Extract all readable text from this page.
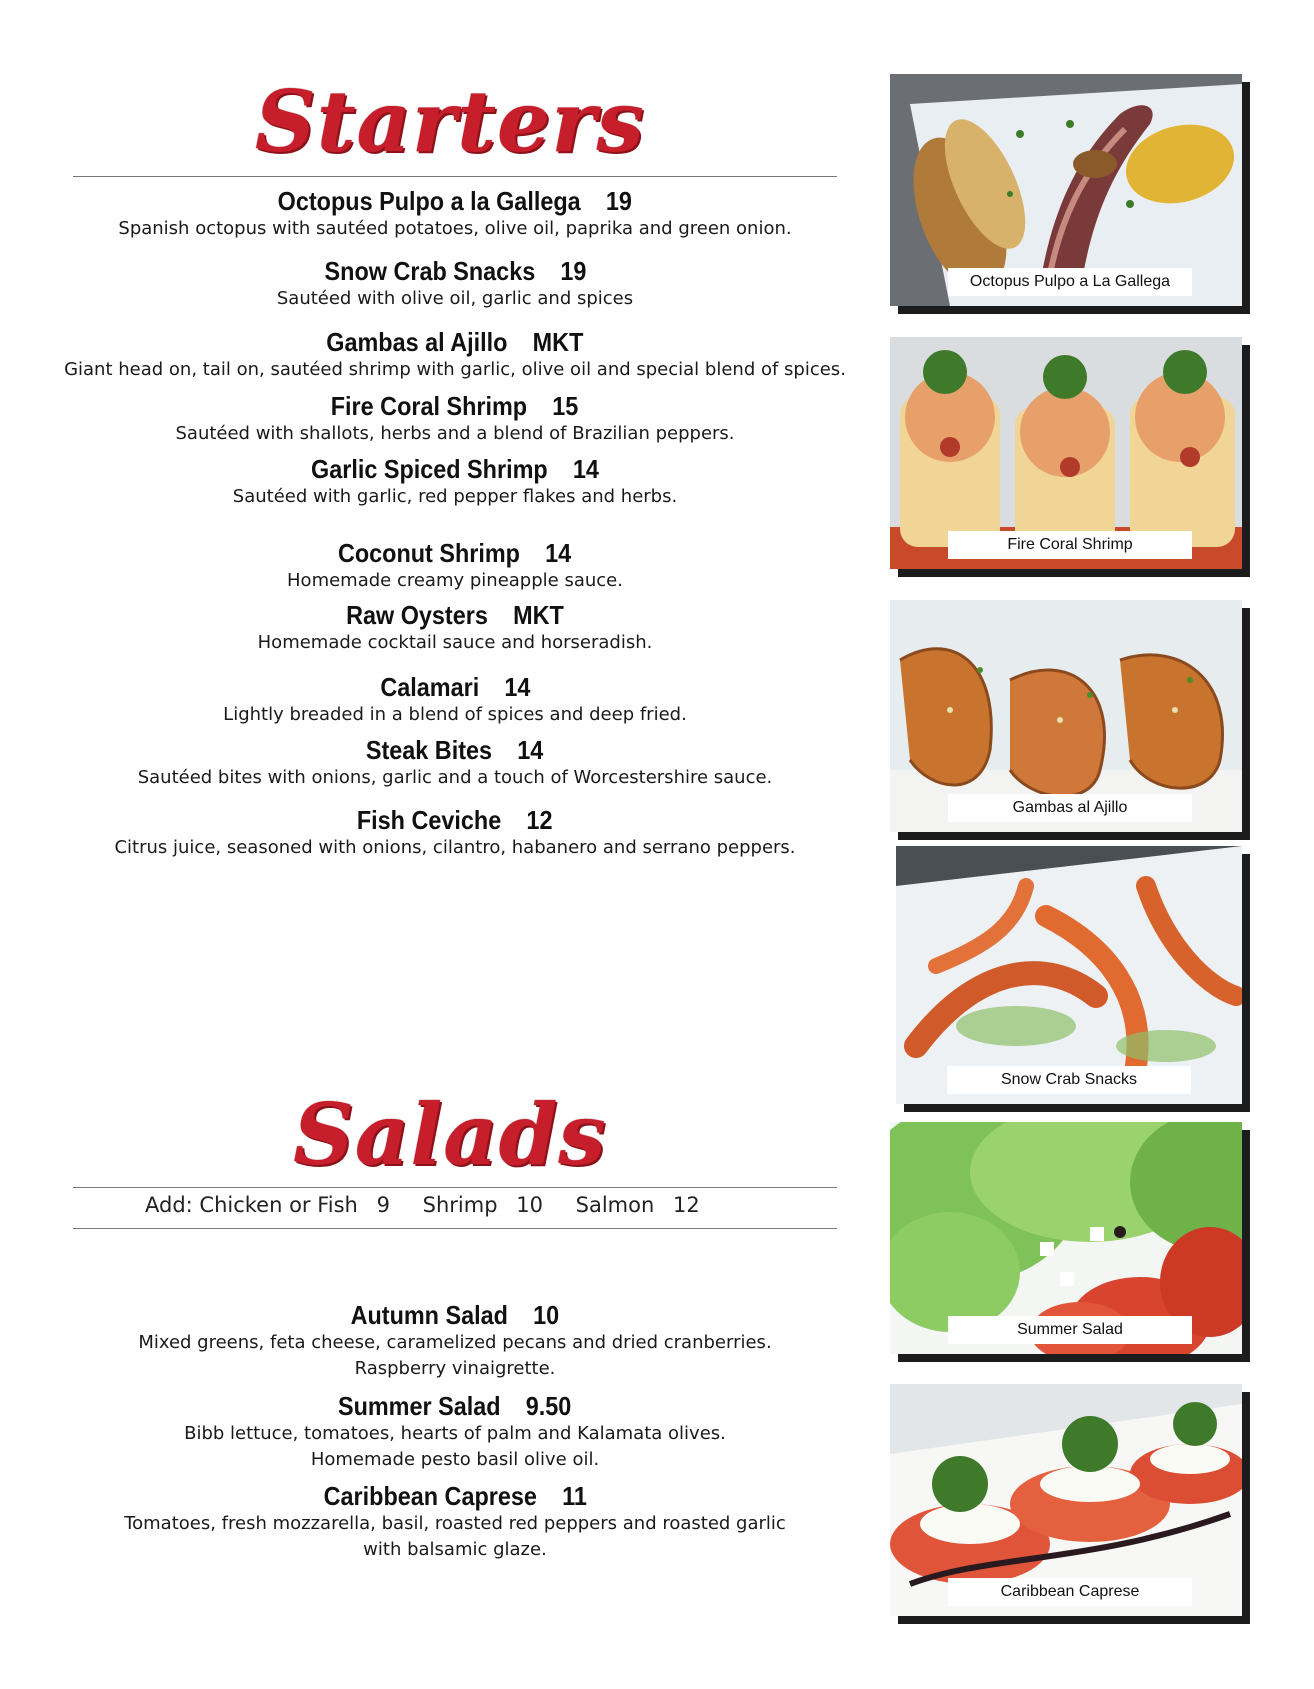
Starters
Octopus Pulpo a la Gallega 19
Spanish octopus with sautéed potatoes, olive oil, paprika and green onion.
Snow Crab Snacks 19
Sautéed with olive oil, garlic and spices
Gambas al Ajillo MKT
Giant head on, tail on, sautéed shrimp with garlic, olive oil and special blend of spices.
Fire Coral Shrimp 15
Sautéed with shallots, herbs and a blend of Brazilian peppers.
Garlic Spiced Shrimp 14
Sautéed with garlic, red pepper flakes and herbs.
Coconut Shrimp 14
Homemade creamy pineapple sauce.
Raw Oysters MKT
Homemade cocktail sauce and horseradish.
Calamari 14
Lightly breaded in a blend of spices and deep fried.
Steak Bites 14
Sautéed bites with onions, garlic and a touch of Worcestershire sauce.
Fish Ceviche 12
Citrus juice, seasoned with onions, cilantro, habanero and serrano peppers.
Salads
Add: Chicken or Fish 9 Shrimp 10 Salmon 12
Autumn Salad 10
Mixed greens, feta cheese, caramelized pecans and dried cranberries.
Raspberry vinaigrette.
Summer Salad 9.50
Bibb lettuce, tomatoes, hearts of palm and Kalamata olives.
Homemade pesto basil olive oil.
Caribbean Caprese 11
Tomatoes, fresh mozzarella, basil, roasted red peppers and roasted garlic
with balsamic glaze.
Octopus Pulpo a La Gallega
Fire Coral Shrimp
Gambas al Ajillo
Snow Crab Snacks
Summer Salad
Caribbean Caprese
